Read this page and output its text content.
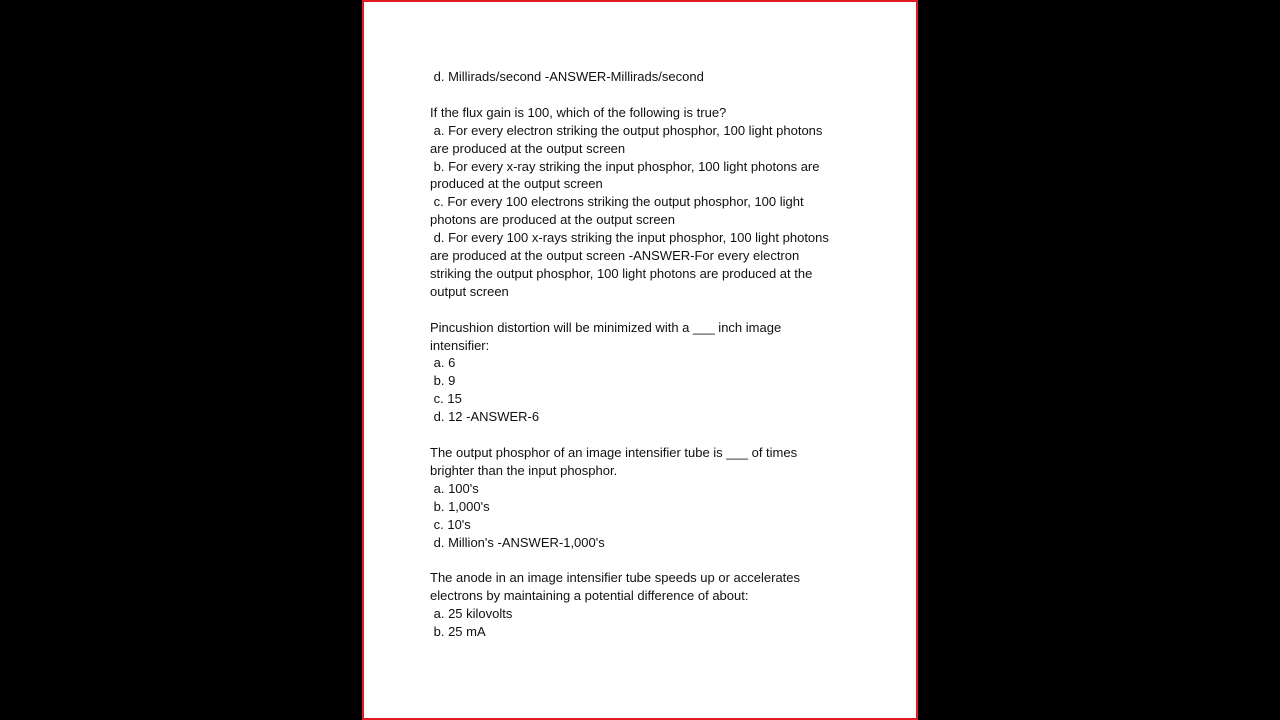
d. Millirads/second -ANSWER-Millirads/second
If the flux gain is 100, which of the following is true?
a. For every electron striking the output phosphor, 100 light photons
are produced at the output screen
b. For every x-ray striking the input phosphor, 100 light photons are
produced at the output screen
c. For every 100 electrons striking the output phosphor, 100 light
photons are produced at the output screen
d. For every 100 x-rays striking the input phosphor, 100 light photons
are produced at the output screen -ANSWER-For every electron
striking the output phosphor, 100 light photons are produced at the
output screen
Pincushion distortion will be minimized with a ___ inch image
intensifier:
a. 6
b. 9
c. 15
d. 12 -ANSWER-6
The output phosphor of an image intensifier tube is ___ of times
brighter than the input phosphor.
a. 100's
b. 1,000's
c. 10's
d. Million's -ANSWER-1,000's
The anode in an image intensifier tube speeds up or accelerates
electrons by maintaining a potential difference of about:
a. 25 kilovolts
b. 25 mA
